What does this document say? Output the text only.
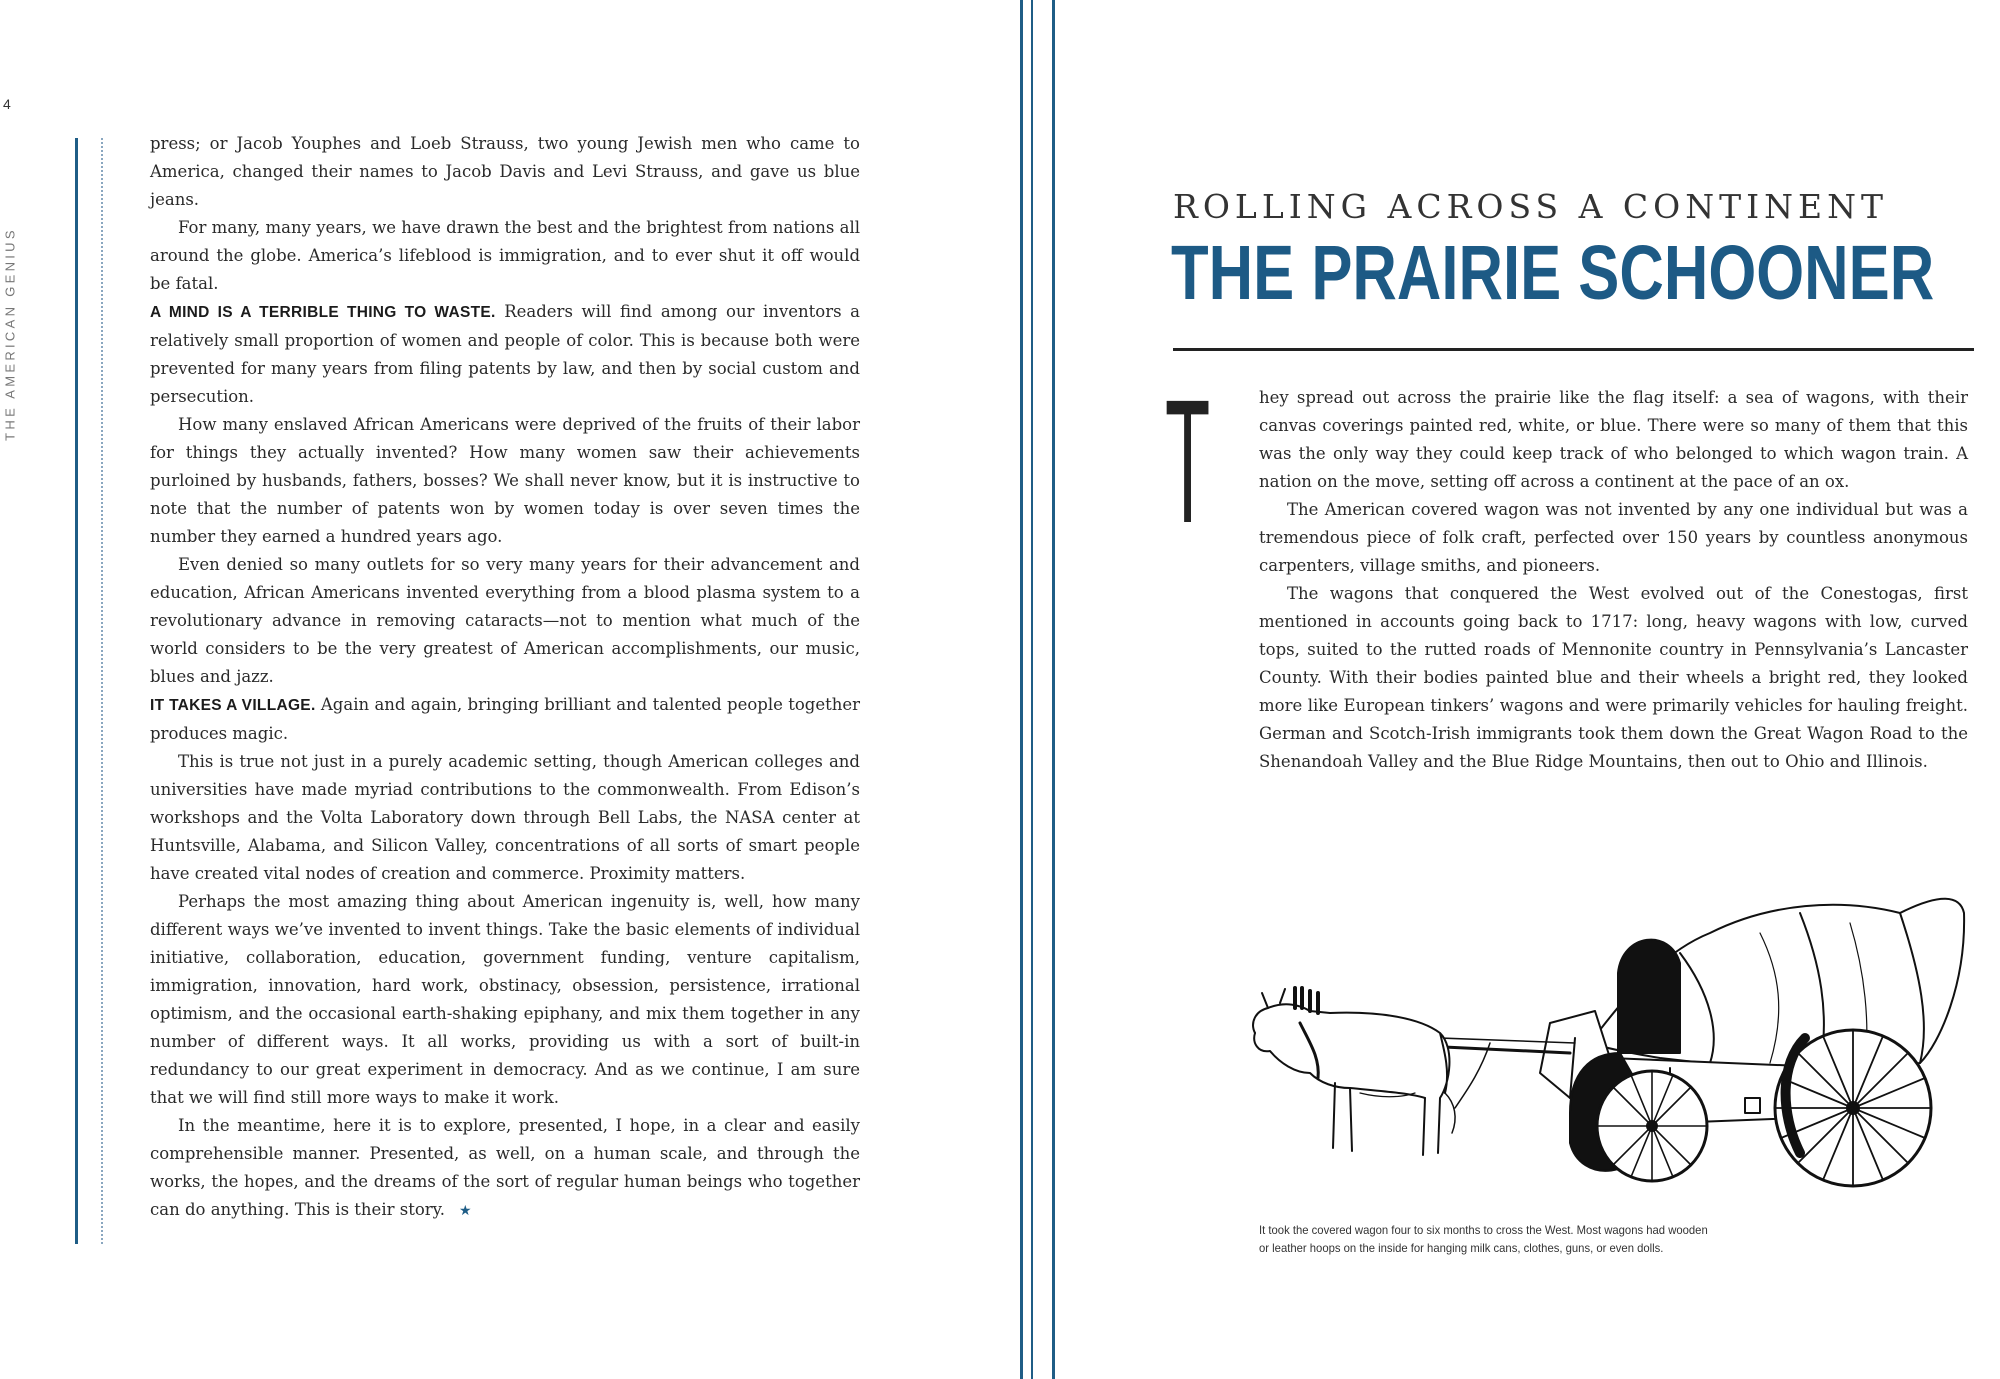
4
THE AMERICAN GENIUS

press; or Jacob Youphes and Loeb Strauss, two young Jewish men who came to America, changed their names to Jacob Davis and Levi Strauss, and gave us blue jeans.

For many, many years, we have drawn the best and the brightest from nations all around the globe. America’s lifeblood is immigration, and to ever shut it off would be fatal.

A MIND IS A TERRIBLE THING TO WASTE. Readers will find among our inventors a relatively small proportion of women and people of color. This is because both were prevented for many years from filing patents by law, and then by social custom and persecution.

How many enslaved African Americans were deprived of the fruits of their labor for things they actually invented? How many women saw their achievements purloined by husbands, fathers, bosses? We shall never know, but it is instructive to note that the number of patents won by women today is over seven times the number they earned a hundred years ago.

Even denied so many outlets for so very many years for their advancement and education, African Americans invented everything from a blood plasma system to a revolutionary advance in removing cataracts—not to mention what much of the world considers to be the very greatest of American accomplishments, our music, blues and jazz.

IT TAKES A VILLAGE. Again and again, bringing brilliant and talented people together produces magic.

This is true not just in a purely academic setting, though American colleges and universities have made myriad contributions to the commonwealth. From Edison’s workshops and the Volta Laboratory down through Bell Labs, the NASA center at Huntsville, Alabama, and Silicon Valley, concentrations of all sorts of smart people have created vital nodes of creation and commerce. Proximity matters.

Perhaps the most amazing thing about American ingenuity is, well, how many different ways we’ve invented to invent things. Take the basic elements of individual initiative, collaboration, education, government funding, venture capitalism, immigration, innovation, hard work, obstinacy, obsession, persistence, irrational optimism, and the occasional earth-shaking epiphany, and mix them together in any number of different ways. It all works, providing us with a sort of built-in redundancy to our great experiment in democracy. And as we continue, I am sure that we will find still more ways to make it work.

In the meantime, here it is to explore, presented, I hope, in a clear and easily comprehensible manner. Presented, as well, on a human scale, and through the works, the hopes, and the dreams of the sort of regular human beings who together can do anything. This is their story. ★

ROLLING ACROSS A CONTINENT
THE PRAIRIE SCHOONER
T	hey spread out across the prairie like the flag itself: a sea of wagons, with their canvas coverings painted red, white, or blue. There were so many of them that this was the only way they could keep track of who belonged to which wagon train. A nation on the move, setting off across a continent at the pace of an ox.

The American covered wagon was not invented by any one individual but was a tremendous piece of folk craft, perfected over 150 years by countless anonymous carpenters, village smiths, and pioneers.

The wagons that conquered the West evolved out of the Conestogas, first mentioned in accounts going back to 1717: long, heavy wagons with low, curved tops, suited to the rutted roads of Mennonite country in Pennsylvania’s Lancaster County. With their bodies painted blue and their wheels a bright red, they looked more like European tinkers’ wagons and were primarily vehicles for hauling freight. German and Scotch-Irish immigrants took them down the Great Wagon Road to the Shenandoah Valley and the Blue Ridge Mountains, then out to Ohio and Illinois.

It took the covered wagon four to six months to cross the West. Most wagons had wooden
or leather hoops on the inside for hanging milk cans, clothes, guns, or even dolls.
